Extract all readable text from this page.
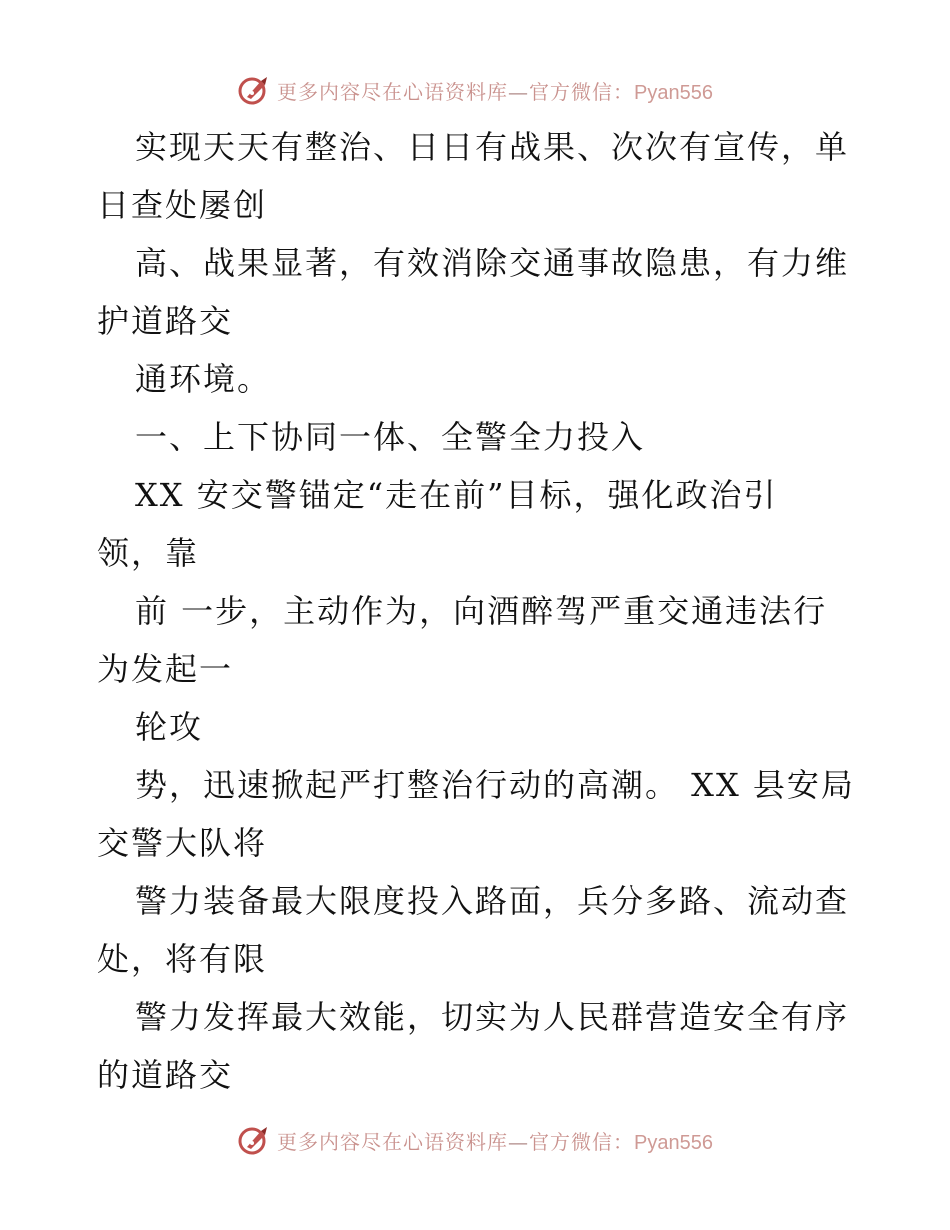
更多内容尽在心语资料库—官方微信：Pyan556
实现天天有整治、日日有战果、次次有宣传，单
日查处屡创
高、战果显著，有效消除交通事故隐患，有力维
护道路交
通环境。
一、上下协同一体、全警全力投入
XX 安交警锚定“走在前”目标，强化政治引
领，靠
前 一步，主动作为，向酒醉驾严重交通违法行
为发起一
轮攻
势，迅速掀起严打整治行动的高潮。 XX 县安局
交警大队将
警力装备最大限度投入路面，兵分多路、流动查
处，将有限
警力发挥最大效能，切实为人民群营造安全有序
的道路交
更多内容尽在心语资料库—官方微信：Pyan556
